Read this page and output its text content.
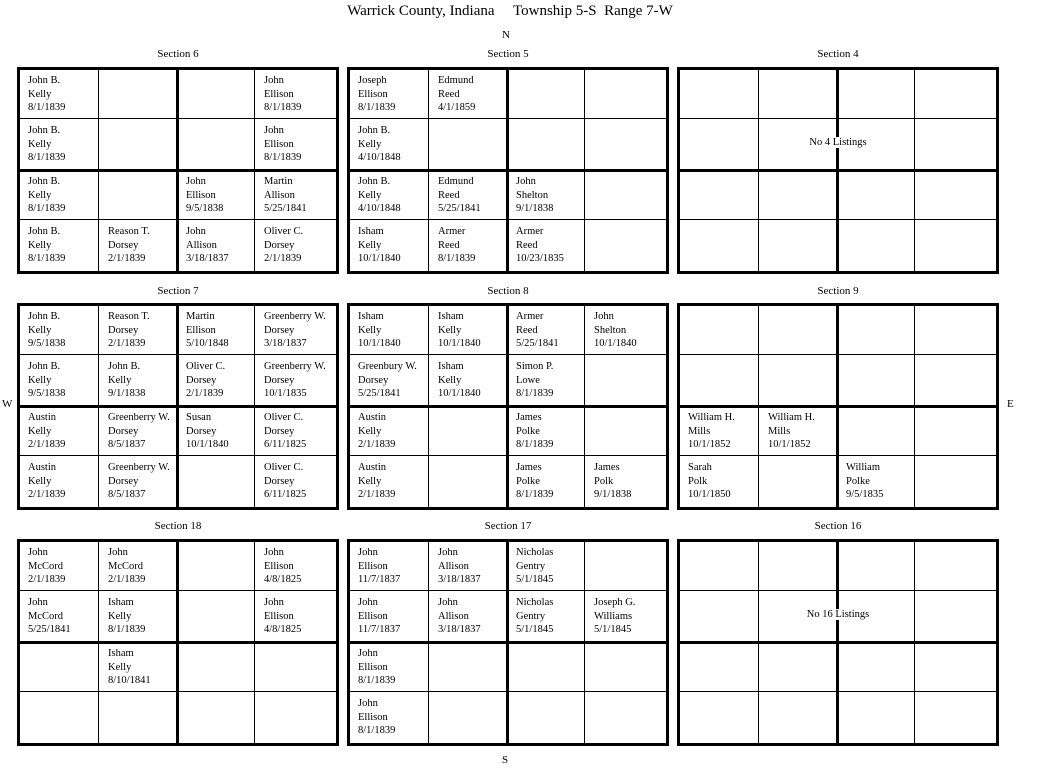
Warrick County, Indiana     Township 5-S  Range 7-W
N
S
W	E
Section 6
John B.
Kelly
8/1/1839
John
Ellison
8/1/1839
John B.
Kelly
8/1/1839
John
Ellison
8/1/1839
John B.
Kelly
8/1/1839
John
Ellison
9/5/1838
Martin
Allison
5/25/1841
John B.
Kelly
8/1/1839
Reason T.
Dorsey
2/1/1839
John
Allison
3/18/1837
Oliver C.
Dorsey
2/1/1839
Section 5
Joseph
Ellison
8/1/1839
Edmund
Reed
4/1/1859
John B.
Kelly
4/10/1848
John B.
Kelly
4/10/1848
Edmund
Reed
5/25/1841
John
Shelton
9/1/1838
Isham
Kelly
10/1/1840
Armer
Reed
8/1/1839
Armer
Reed
10/23/1835
Section 4
No 4 Listings
Section 7
John B.
Kelly
9/5/1838
Reason T.
Dorsey
2/1/1839
Martin
Ellison
5/10/1848
Greenberry W.
Dorsey
3/18/1837
John B.
Kelly
9/5/1838
John B.
Kelly
9/1/1838
Oliver C.
Dorsey
2/1/1839
Greenberry W.
Dorsey
10/1/1835
Austin
Kelly
2/1/1839
Greenberry W.
Dorsey
8/5/1837
Susan
Dorsey
10/1/1840
Oliver C.
Dorsey
6/11/1825
Austin
Kelly
2/1/1839
Greenberry W.
Dorsey
8/5/1837
Oliver C.
Dorsey
6/11/1825
Section 8
Isham
Kelly
10/1/1840
Isham
Kelly
10/1/1840
Armer
Reed
5/25/1841
John
Shelton
10/1/1840
Greenbury W.
Dorsey
5/25/1841
Isham
Kelly
10/1/1840
Simon P.
Lowe
8/1/1839
Austin
Kelly
2/1/1839
James
Polke
8/1/1839
Austin
Kelly
2/1/1839
James
Polke
8/1/1839
James
Polk
9/1/1838
Section 9
William H.
Mills
10/1/1852
William H.
Mills
10/1/1852
Sarah
Polk
10/1/1850
William
Polke
9/5/1835
Section 18
John
McCord
2/1/1839
John
McCord
2/1/1839
John
Ellison
4/8/1825
John
McCord
5/25/1841
Isham
Kelly
8/1/1839
John
Ellison
4/8/1825
Isham
Kelly
8/10/1841
Section 17
John
Ellison
11/7/1837
John
Allison
3/18/1837
Nicholas
Gentry
5/1/1845
John
Ellison
11/7/1837
John
Allison
3/18/1837
Nicholas
Gentry
5/1/1845
Joseph G.
Williams
5/1/1845
John
Ellison
8/1/1839
John
Ellison
8/1/1839
Section 16
No 16 Listings
